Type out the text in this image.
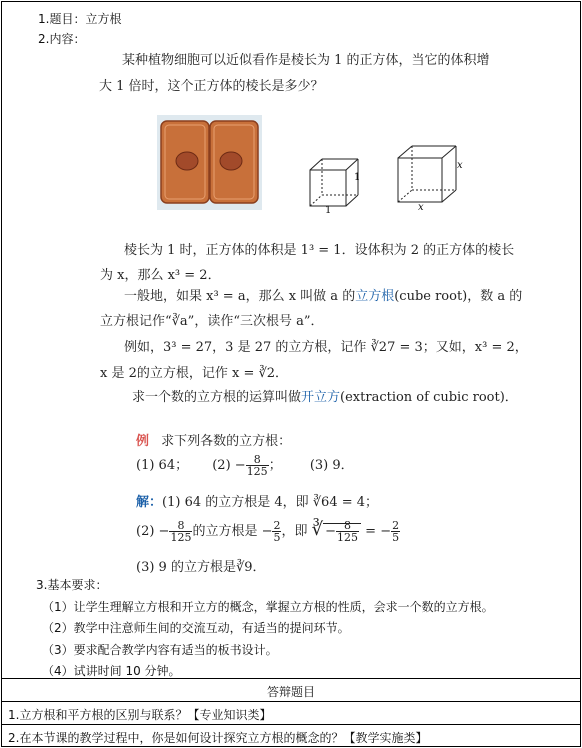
1.题目：立方根
2.内容：
某种植物细胞可以近似看作是棱长为 1 的正方体，当它的体积增
大 1 倍时，这个正方体的棱长是多少？
1
1
x
x
棱长为 1 时，正方体的体积是 1³ = 1．设体积为 2 的正方体的棱长
为 x，那么 x³ = 2．
一般地，如果 x³ = a，那么 x 叫做 a 的立方根(cube root)，数 a 的
立方根记作“∛a”，读作“三次根号 a”．
例如，3³ = 27，3 是 27 的立方根，记作 ∛27 = 3；又如，x³ = 2，
x 是 2的立方根，记作 x = ∛2．
求一个数的立方根的运算叫做开立方(extraction of cubic root)．
例 求下列各数的立方根：
(1) 64； $(2) - \frac{8}{125}$ ； (3) 9．
解：(1) 64 的立方根是 4，即 ∛64 = 4；
$(2) - \frac{8}{125}$ 的立方根是 − $\frac{2}{5}$ ，即 ∛ − $\frac{8}{125}$ = − $\frac{2}{5}$
(3) 9 的立方根是∛9．
3.基本要求：
（1）让学生理解立方根和开立方的概念，掌握立方根的性质，会求一个数的立方根。
（2）教学中注意师生间的交流互动，有适当的提问环节。
（3）要求配合教学内容有适当的板书设计。
（4）试讲时间 10 分钟。
答辩题目
1.立方根和平方根的区别与联系？【专业知识类】
2.在本节课的教学过程中，你是如何设计探究立方根的概念的？【教学实施类】
